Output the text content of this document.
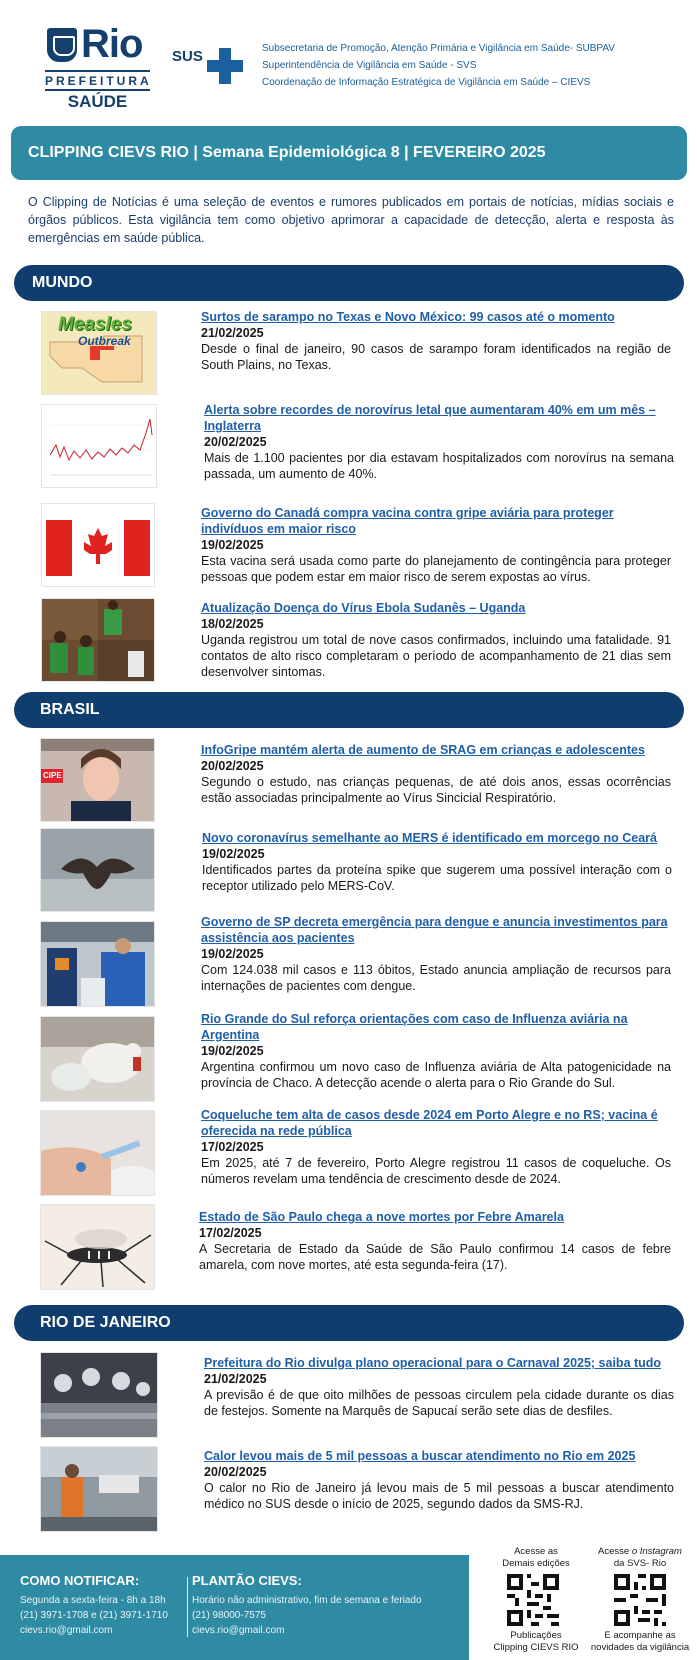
Rio
PREFEITURA
SAÚDE
SUS	Subsecretaria de Promoção, Atenção Primária e Vigilância em Saúde- SUBPAV
Superintendência de Vigilância em Saúde - SVS
Coordenação de Informação Estratégica de Vigilância em Saúde – CIEVS
CLIPPING CIEVS RIO | Semana Epidemiológica 8 | FEVEREIRO 2025
O Clipping de Notícias é uma seleção de eventos e rumores publicados em portais de notícias, mídias sociais e órgãos públicos. Esta vigilância tem como objetivo aprimorar a capacidade de detecção, alerta e resposta às emergências em saúde pública.
MUNDO
Measles
Outbreak
Surtos de sarampo no Texas e Novo México: 99 casos até o momento
21/02/2025
Desde o final de janeiro, 90 casos de sarampo foram identificados na região de South Plains, no Texas.
Alerta sobre recordes de norovírus letal que aumentaram 40% em um mês – Inglaterra
20/02/2025
Mais de 1.100 pacientes por dia estavam hospitalizados com norovírus na semana passada, um aumento de 40%.
Governo do Canadá compra vacina contra gripe aviária para proteger indivíduos em maior risco
19/02/2025
Esta vacina será usada como parte do planejamento de contingência para proteger pessoas que podem estar em maior risco de serem expostas ao vírus.
Atualização Doença do Vírus Ebola Sudanês – Uganda
18/02/2025
Uganda registrou um total de nove casos confirmados, incluindo uma fatalidade. 91 contatos de alto risco completaram o período de acompanhamento de 21 dias sem desenvolver sintomas.
BRASIL
CIPE
InfoGripe mantém alerta de aumento de SRAG em crianças e adolescentes
20/02/2025
Segundo o estudo, nas crianças pequenas, de até dois anos, essas ocorrências estão associadas principalmente ao Vírus Sincicial Respiratório.
Novo coronavírus semelhante ao MERS é identificado em morcego no Ceará
19/02/2025
Identificados partes da proteína spike que sugerem uma possível interação com o receptor utilizado pelo MERS-CoV.
Governo de SP decreta emergência para dengue e anuncia investimentos para assistência aos pacientes
19/02/2025
Com 124.038 mil casos e 113 óbitos, Estado anuncia ampliação de recursos para internações de pacientes com dengue.
Rio Grande do Sul reforça orientações com caso de Influenza aviária na Argentina
19/02/2025
Argentina confirmou um novo caso de Influenza aviária de Alta patogenicidade na província de Chaco. A detecção acende o alerta para o Rio Grande do Sul.
Coqueluche tem alta de casos desde 2024 em Porto Alegre e no RS; vacina é oferecida na rede pública
17/02/2025
Em 2025, até 7 de fevereiro, Porto Alegre registrou 11 casos de coqueluche. Os números revelam uma tendência de crescimento desde de 2024.
Estado de São Paulo chega a nove mortes por Febre Amarela
17/02/2025
A Secretaria de Estado da Saúde de São Paulo confirmou 14 casos de febre amarela, com nove mortes, até esta segunda-feira (17).
RIO DE JANEIRO
Prefeitura do Rio divulga plano operacional para o Carnaval 2025; saiba tudo
21/02/2025
A previsão é de que oito milhões de pessoas circulem pela cidade durante os dias de festejos. Somente na Marquês de Sapucaí serão sete dias de desfiles.
Calor levou mais de 5 mil pessoas a buscar atendimento no Rio em 2025
20/02/2025
O calor no Rio de Janeiro já levou mais de 5 mil pessoas a buscar atendimento médico no SUS desde o início de 2025, segundo dados da SMS-RJ.
COMO NOTIFICAR:
Segunda a sexta-feira - 8h a 18h
(21) 3971-1708 e (21) 3971-1710
cievs.rio@gmail.com
PLANTÃO CIEVS:
Horário não administrativo, fim de semana e feriado
(21) 98000-7575
cievs.rio@gmail.com
Acesse as
Demais edições
Publicações
Clipping CIEVS RIO
Acesse o Instagram
da SVS- Rio
E acompanhe as
novidades da vigilância
